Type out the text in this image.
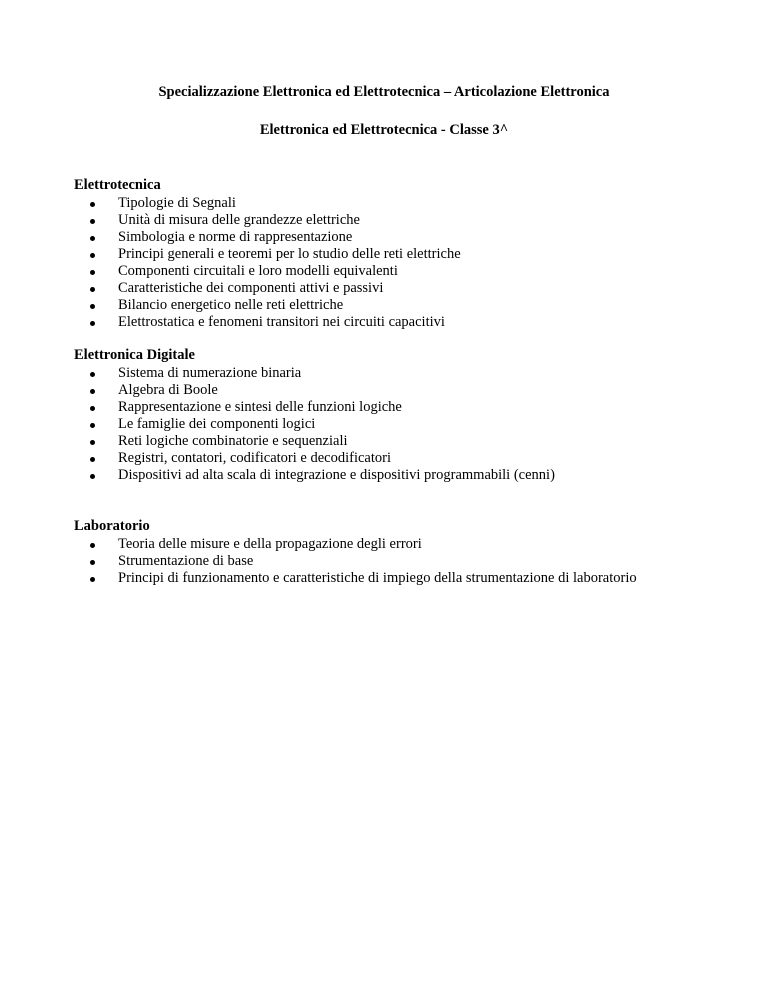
Specializzazione Elettronica ed Elettrotecnica – Articolazione Elettronica
Elettronica ed Elettrotecnica - Classe 3^
Elettrotecnica
Tipologie di Segnali
Unità di misura delle grandezze elettriche
Simbologia e norme di rappresentazione
Principi generali e teoremi per lo studio delle reti elettriche
Componenti circuitali e loro modelli equivalenti
Caratteristiche dei componenti attivi e passivi
Bilancio energetico nelle reti elettriche
Elettrostatica e fenomeni transitori nei circuiti capacitivi
Elettronica Digitale
Sistema di numerazione binaria
Algebra di Boole
Rappresentazione e sintesi delle funzioni logiche
Le famiglie dei componenti logici
Reti logiche combinatorie e sequenziali
Registri, contatori, codificatori e decodificatori
Dispositivi ad alta scala di integrazione e dispositivi programmabili (cenni)
Laboratorio
Teoria delle misure e della propagazione degli errori
Strumentazione di base
Principi di funzionamento e caratteristiche di impiego della strumentazione di laboratorio
